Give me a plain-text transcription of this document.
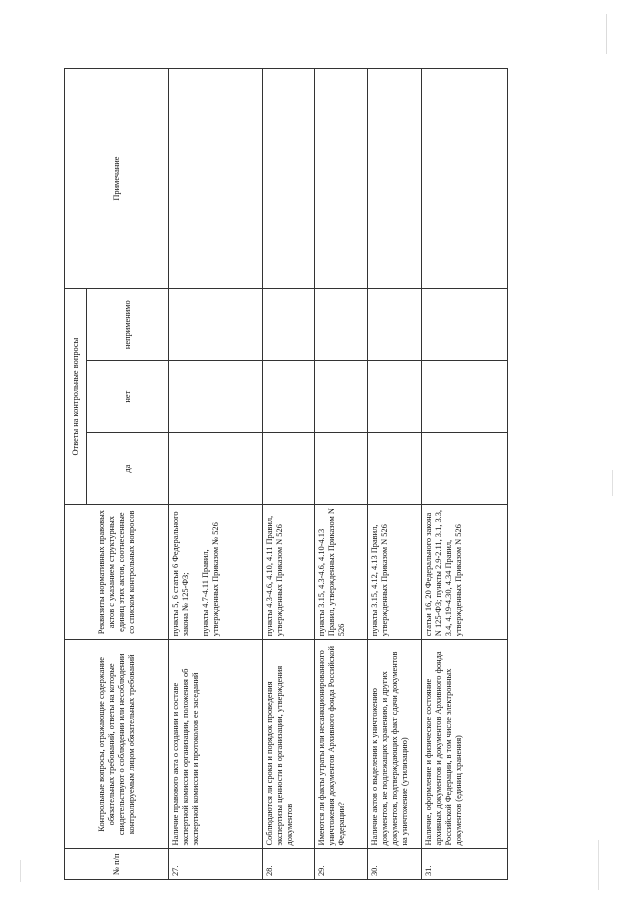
№ п/п	Контрольные вопросы, отражающие содержание обязательных требований, ответы на которые свидетельствуют о соблюдении или несоблюдении контролируемым лицом обязательных требований	Реквизиты нормативных правовых актов с указанием структурных единиц этих актов, соотнесенные со списком контрольных вопросов	Ответы на контрольные вопросы			Примечание
			да	нет	неприменимо	
27.	Наличие правового акта о создании и составе экспертной комиссии организации, положения об экспертной комиссии и протоколов ее заседаний	пункты 5, 6 статьи 6 Федерального закона № 125-ФЗ;

пункты 4.7-4.11 Правил, утвержденных Приказом № 526				
28.	Соблюдаются ли сроки и порядок проведения экспертизы ценности в организации, утверждения документов	пункты 4.3-4.6, 4.10, 4.11 Правил, утвержденных Приказом N 526				
29.	Имеются ли факты утраты или несанкционированного уничтожения документов Архивного фонда Российской Федерации?	пункты 3.15, 4.3-4.6, 4.10-4.13 Правил, утвержденных Приказом N 526				
30.	Наличие актов о выделении к уничтожению документов, не подлежащих хранению, и других документов, подтверждающих факт сдачи документов на уничтожение (утилизацию)	пункты 3.15, 4.12, 4.13 Правил, утвержденных Приказом N 526				
31.	Наличие, оформление и физическое состояние архивных документов и документов Архивного фонда Российской Федерации, в том числе электронных документов (единиц хранения)	статьи 16, 20 Федерального закона N 125-ФЗ; пункты 2.9-2.11, 3.1, 3.3, 3.4, 4.19-4.30, 4.34 Правил, утвержденных Приказом N 526				
